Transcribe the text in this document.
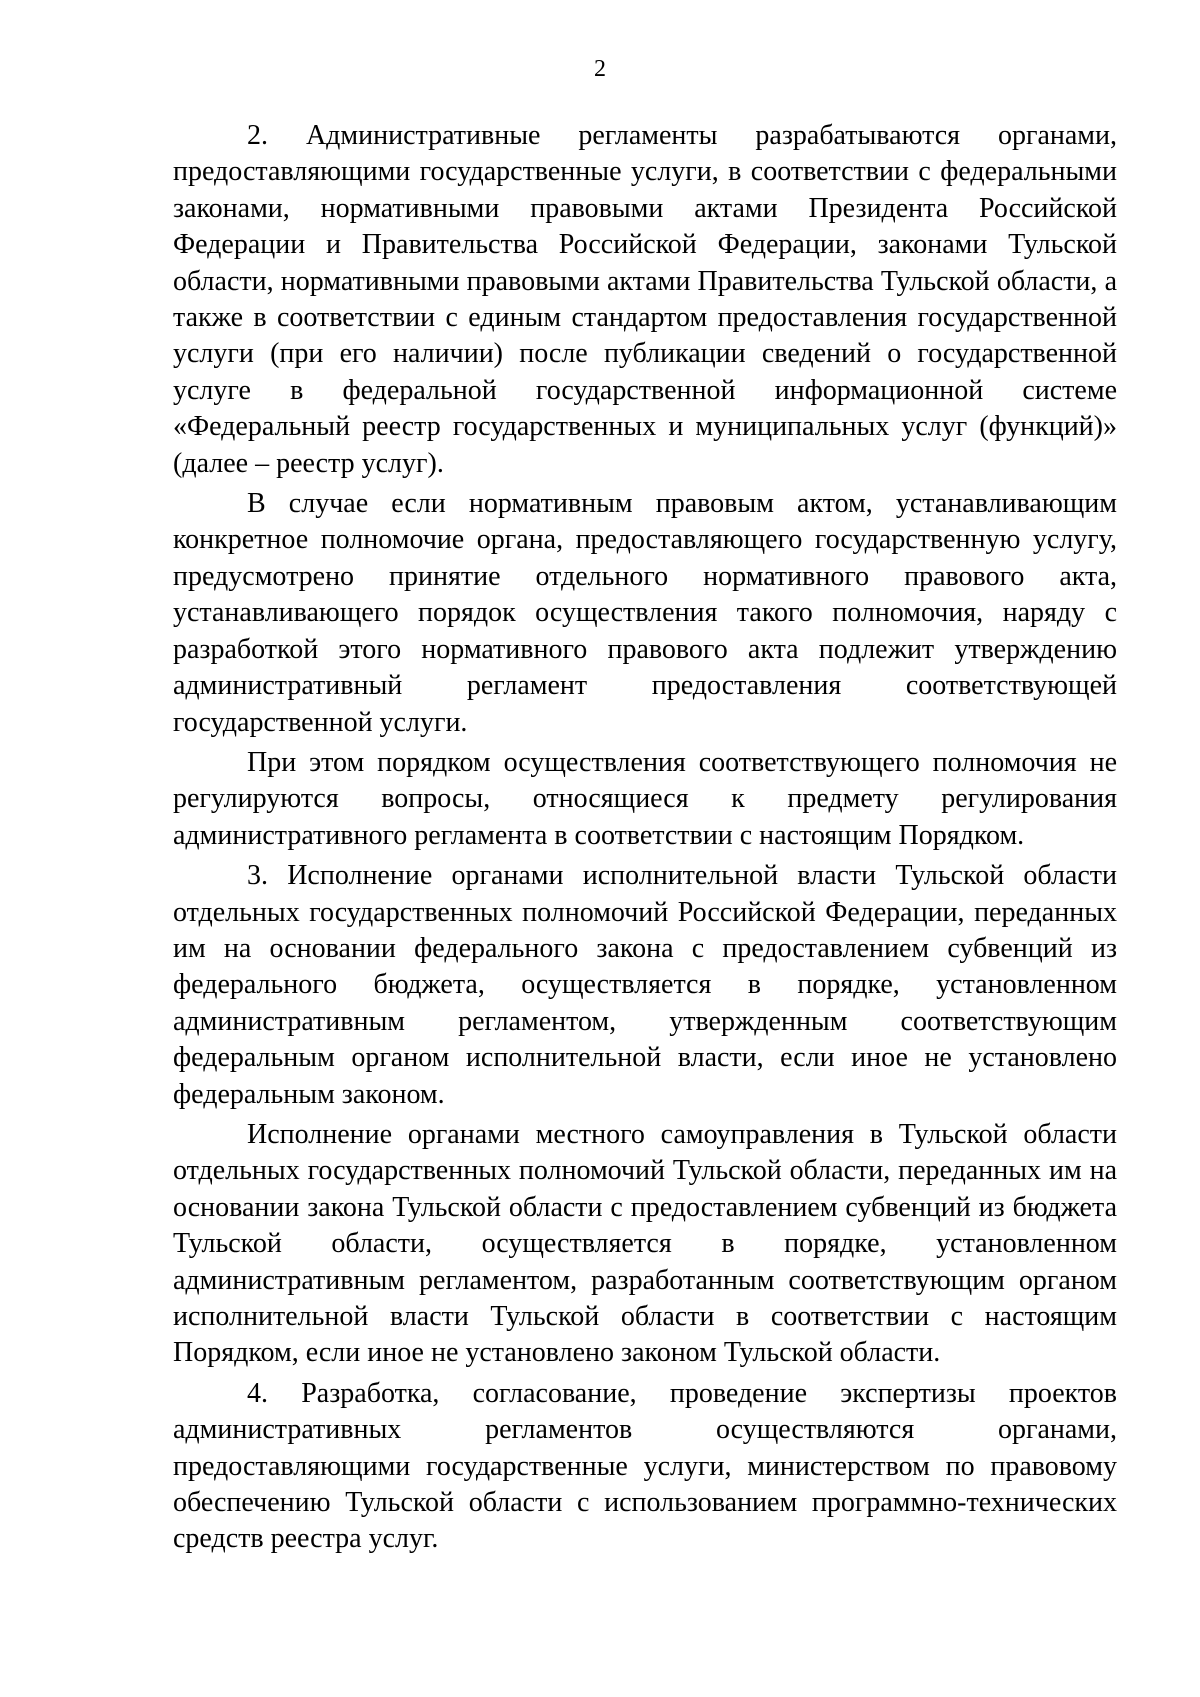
2

2. Административные регламенты разрабатываются органами, предоставляющими государственные услуги, в соответствии с федеральными законами, нормативными правовыми актами Президента Российской Федерации и Правительства Российской Федерации, законами Тульской области, нормативными правовыми актами Правительства Тульской области, а также в соответствии с единым стандартом предоставления государственной услуги (при его наличии) после публикации сведений о государственной услуге в федеральной государственной информационной системе «Федеральный реестр государственных и муниципальных услуг (функций)» (далее – реестр услуг).

В случае если нормативным правовым актом, устанавливающим конкретное полномочие органа, предоставляющего государственную услугу, предусмотрено принятие отдельного нормативного правового акта, устанавливающего порядок осуществления такого полномочия, наряду с разработкой этого нормативного правового акта подлежит утверждению административный регламент предоставления соответствующей государственной услуги.

При этом порядком осуществления соответствующего полномочия не регулируются вопросы, относящиеся к предмету регулирования административного регламента в соответствии с настоящим Порядком.

3. Исполнение органами исполнительной власти Тульской области отдельных государственных полномочий Российской Федерации, переданных им на основании федерального закона с предоставлением субвенций из федерального бюджета, осуществляется в порядке, установленном административным регламентом, утвержденным соответствующим федеральным органом исполнительной власти, если иное не установлено федеральным законом.

Исполнение органами местного самоуправления в Тульской области отдельных государственных полномочий Тульской области, переданных им на основании закона Тульской области с предоставлением субвенций из бюджета Тульской области, осуществляется в порядке, установленном административным регламентом, разработанным соответствующим органом исполнительной власти Тульской области в соответствии с настоящим Порядком, если иное не установлено законом Тульской области.

4. Разработка, согласование, проведение экспертизы проектов административных регламентов осуществляются органами, предоставляющими государственные услуги, министерством по правовому обеспечению Тульской области с использованием программно-технических средств реестра услуг.
